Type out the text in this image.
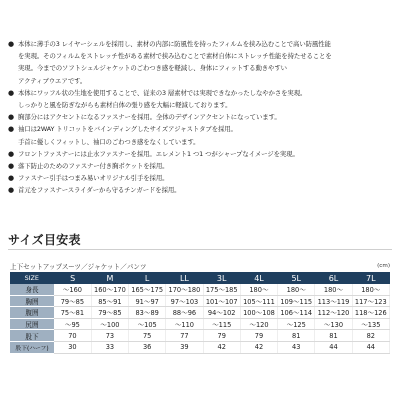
● 本体に薄手の3 レイヤーシェルを採用し、素材の内部に防風性を持ったフィルムを挟み込むことで高い防風性能
を実現。そのフィルムをストレッチ性がある素材で挟み込むことで素材自体にストレッチ性能を持たせることを
実現。今までのソフトシェルジャケットのごわつき感を軽減し、身体にフィットする動きやすい
アクティブウエアです。
● 本体にワッフル状の生地を使用することで、従来の3 層素材では実現できなかったしなやかさを実現。
しっかりと風を防ぎながらも素材自体の張り感を大幅に軽減しております。
● 胸部分にはアクセントになるファスナーを採用。全体のデザインアクセントになっています。
● 袖口は2WAY トリコットをバインディングしたサイズアジャストタブを採用。
手首に優しくフィットし、袖口のごわつき感をなくしています。
● フロントファスナーには止水ファスナーを採用。エレメント1 つ1 つがシャープなイメージを実現。
● 落下防止のためのファスナー付き胸ポケットを採用。
● ファスナー引手はつまみ易いオリジナル引手を採用。
● 首元をファスナースライダーから守るチンガードを採用。
サイズ目安表
上下セットアップスーツ／ジャケット／パンツ	(cm)
SIZE	S	M	L	LL	3L	4L	5L	6L	7L
身長	～160	160～170	165～175	170～180	175～185	180～	180～	180～	180～
胸囲	79～85	85～91	91～97	97～103	101～107	105～111	109～115	113～119	117～123
腹囲	75～81	79～85	83～89	88～96	94～102	100～108	106～114	112～120	118～126
尻囲	～95	～100	～105	～110	～115	～120	～125	～130	～135
股下	70	73	75	77	79	79	81	81	82
股下(ハーフ)	30	33	36	39	42	42	43	44	44
